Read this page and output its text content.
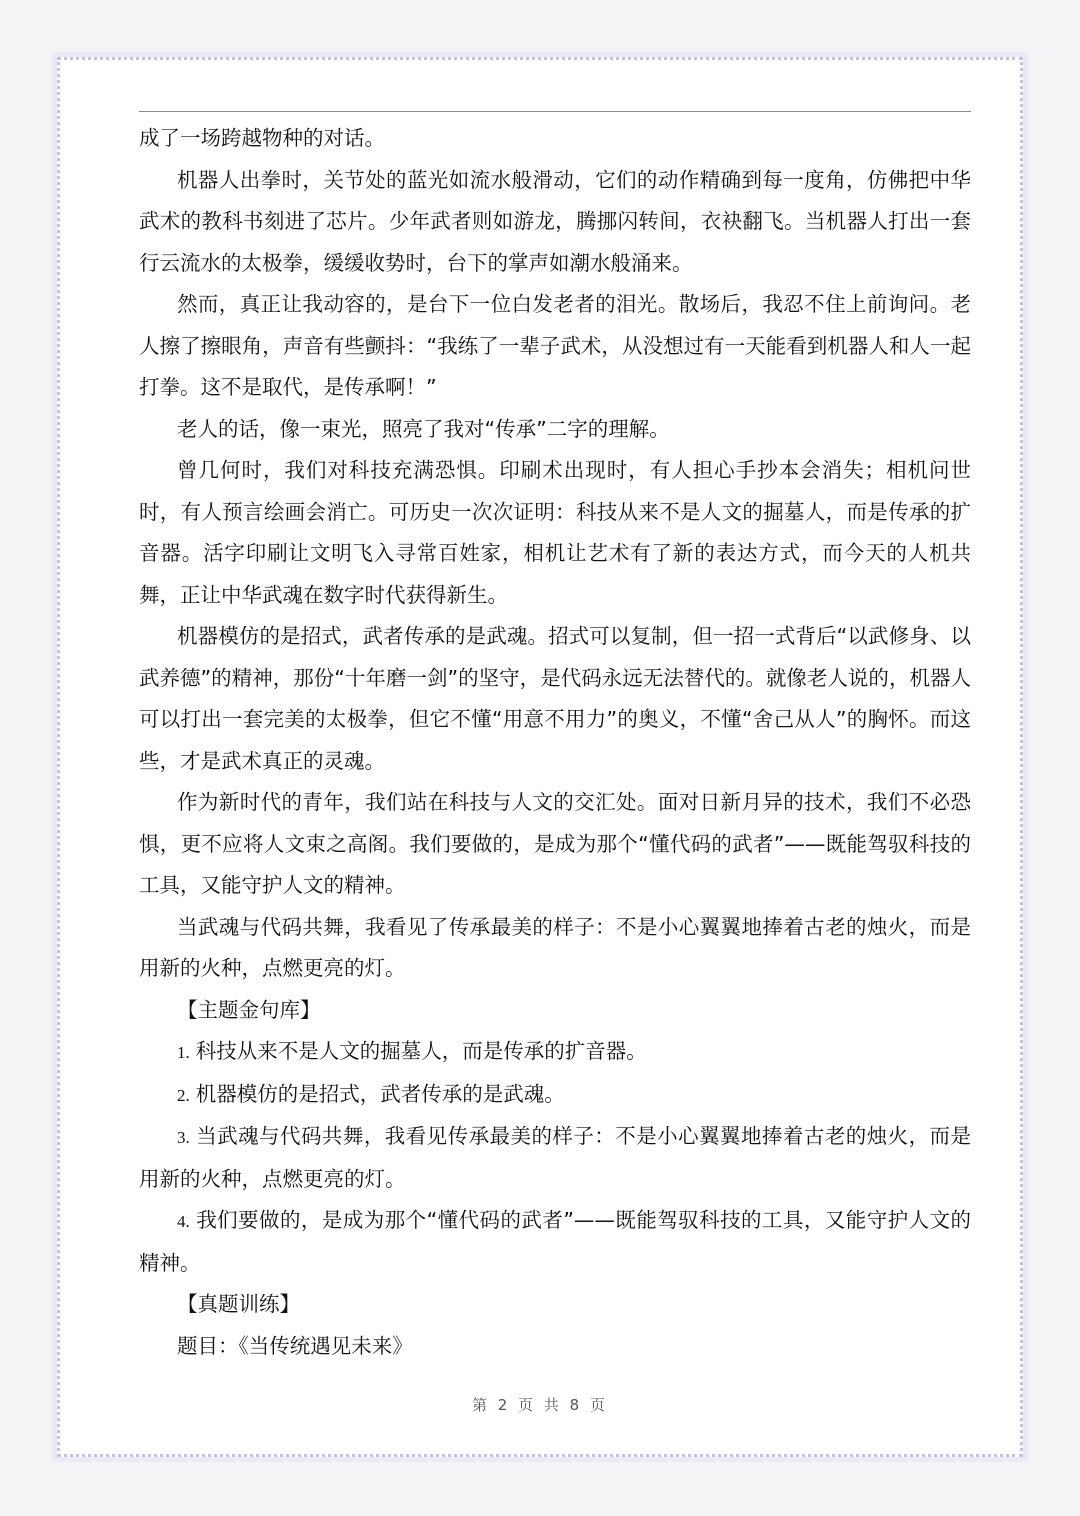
成了一场跨越物种的对话。

机器人出拳时，关节处的蓝光如流水般滑动，它们的动作精确到每一度角，仿佛把中华武术的教科书刻进了芯片。少年武者则如游龙，腾挪闪转间，衣袂翻飞。当机器人打出一套行云流水的太极拳，缓缓收势时，台下的掌声如潮水般涌来。

然而，真正让我动容的，是台下一位白发老者的泪光。散场后，我忍不住上前询问。老人擦了擦眼角，声音有些颤抖：“我练了一辈子武术，从没想过有一天能看到机器人和人一起打拳。这不是取代，是传承啊！”

老人的话，像一束光，照亮了我对“传承”二字的理解。

曾几何时，我们对科技充满恐惧。印刷术出现时，有人担心手抄本会消失；相机问世时，有人预言绘画会消亡。可历史一次次证明：科技从来不是人文的掘墓人，而是传承的扩音器。活字印刷让文明飞入寻常百姓家，相机让艺术有了新的表达方式，而今天的人机共舞，正让中华武魂在数字时代获得新生。

机器模仿的是招式，武者传承的是武魂。招式可以复制，但一招一式背后“以武修身、以武养德”的精神，那份“十年磨一剑”的坚守，是代码永远无法替代的。就像老人说的，机器人可以打出一套完美的太极拳，但它不懂“用意不用力”的奥义，不懂“舍己从人”的胸怀。而这些，才是武术真正的灵魂。

作为新时代的青年，我们站在科技与人文的交汇处。面对日新月异的技术，我们不必恐惧，更不应将人文束之高阁。我们要做的，是成为那个“懂代码的武者”——既能驾驭科技的工具，又能守护人文的精神。

当武魂与代码共舞，我看见了传承最美的样子：不是小心翼翼地捧着古老的烛火，而是用新的火种，点燃更亮的灯。

【主题金句库】

1. 科技从来不是人文的掘墓人，而是传承的扩音器。

2. 机器模仿的是招式，武者传承的是武魂。

3. 当武魂与代码共舞，我看见传承最美的样子：不是小心翼翼地捧着古老的烛火，而是用新的火种，点燃更亮的灯。

4. 我们要做的，是成为那个“懂代码的武者”——既能驾驭科技的工具，又能守护人文的精神。

【真题训练】

题目：《当传统遇见未来》

第 2 页 共 8 页
